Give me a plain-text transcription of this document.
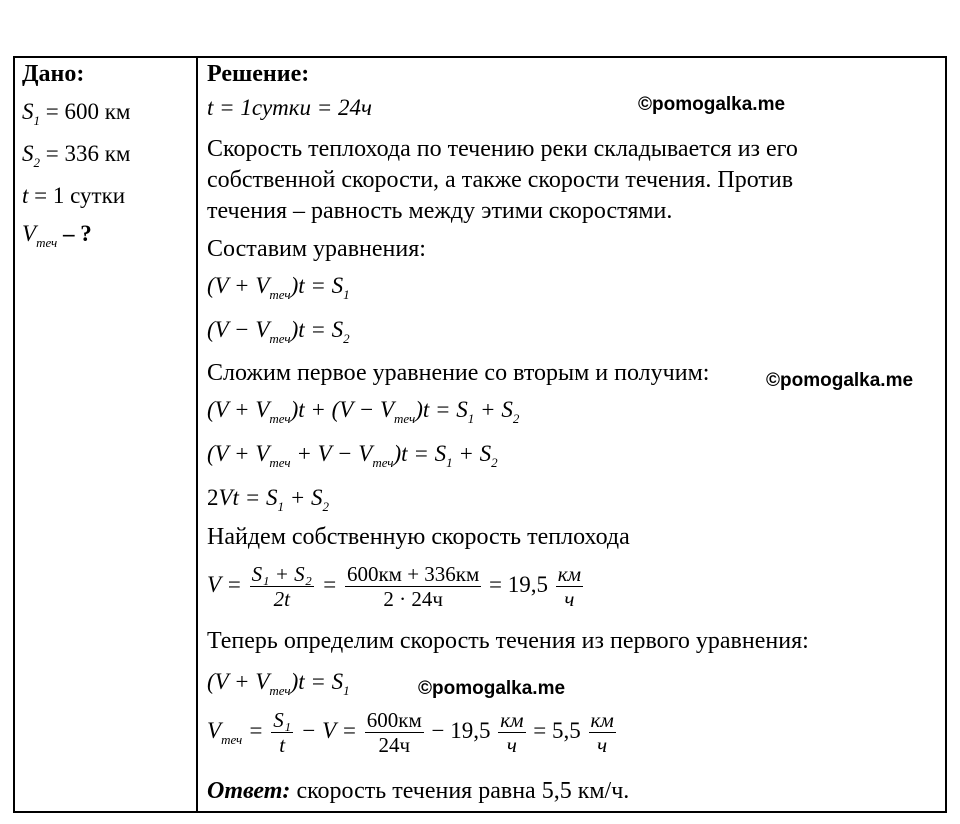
Дано:
$S_1 = 600$ км
$S_2 = 336$ км
t = 1 сутки
$V_{теч}$ – ?
Решение:
t = 1сутки = 24ч
Скорость теплохода по течению реки складывается из его
собственной скорости, а также скорости течения. Против
течения – равность между этими скоростями.
Составим уравнения:
$(V + V_{теч})t = S_1$
$(V - V_{теч})t = S_2$
Сложим первое уравнение со вторым и получим:
$(V + V_{теч})t + (V - V_{теч})t = S_1 + S_2$
$(V + V_{теч} + V - V_{теч})t = S_1 + S_2$
$2Vt = S_1 + S_2$
Найдем собственную скорость теплохода
$V = \frac{\text{S₁ + S₂}}{2t} = \frac{600км + 336км}{2 \cdot 24ч} = 19,5 \frac{км}{ч}$
Теперь определим скорость течения из первого уравнения:
$(V + V_{теч})t = S_1$
$V_{теч} = \frac{\text{S₁}}{t} - V = \frac{600км}{24ч} - 19,5 \frac{км}{ч} = 5,5 \frac{км}{ч}$
Ответ: скорость течения равна 5,5 км/ч.
©pomogalka.me
©pomogalka.me
©pomogalka.me
